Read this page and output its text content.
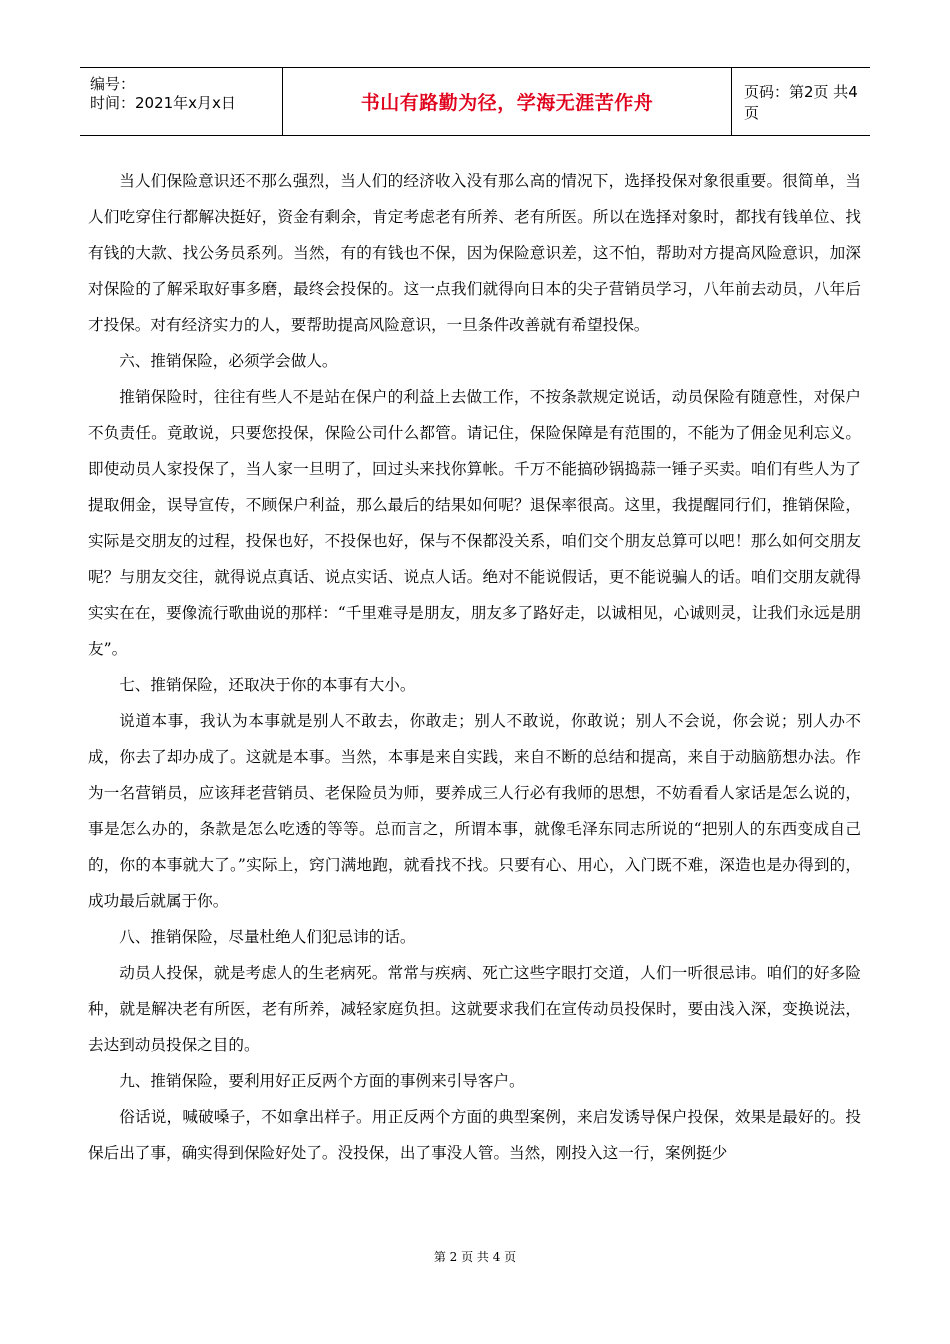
编号：
时间：2021年x月x日	书山有路勤为径，学海无涯苦作舟
页码：第2页 共4页

当人们保险意识还不那么强烈，当人们的经济收入没有那么高的情况下，选择投保对象很重要。很简单，当人们吃穿住行都解决挺好，资金有剩余，肯定考虑老有所养、老有所医。所以在选择对象时，都找有钱单位、找有钱的大款、找公务员系列。当然，有的有钱也不保，因为保险意识差，这不怕，帮助对方提高风险意识，加深对保险的了解采取好事多磨，最终会投保的。这一点我们就得向日本的尖子营销员学习，八年前去动员，八年后才投保。对有经济实力的人，要帮助提高风险意识，一旦条件改善就有希望投保。

六、推销保险，必须学会做人。

推销保险时，往往有些人不是站在保户的利益上去做工作，不按条款规定说话，动员保险有随意性，对保户不负责任。竟敢说，只要您投保，保险公司什么都管。请记住，保险保障是有范围的，不能为了佣金见利忘义。即使动员人家投保了，当人家一旦明了，回过头来找你算帐。千万不能搞砂锅捣蒜一锤子买卖。咱们有些人为了提取佣金，误导宣传，不顾保户利益，那么最后的结果如何呢？退保率很高。这里，我提醒同行们，推销保险，实际是交朋友的过程，投保也好，不投保也好，保与不保都没关系，咱们交个朋友总算可以吧！那么如何交朋友呢？与朋友交往，就得说点真话、说点实话、说点人话。绝对不能说假话，更不能说骗人的话。咱们交朋友就得实实在在，要像流行歌曲说的那样：“千里难寻是朋友，朋友多了路好走，以诚相见，心诚则灵，让我们永远是朋友”。

七、推销保险，还取决于你的本事有大小。

说道本事，我认为本事就是别人不敢去，你敢走；别人不敢说，你敢说；别人不会说，你会说；别人办不成，你去了却办成了。这就是本事。当然，本事是来自实践，来自不断的总结和提高，来自于动脑筋想办法。作为一名营销员，应该拜老营销员、老保险员为师，要养成三人行必有我师的思想，不妨看看人家话是怎么说的，事是怎么办的，条款是怎么吃透的等等。总而言之，所谓本事，就像毛泽东同志所说的“把别人的东西变成自己的，你的本事就大了。”实际上，窍门满地跑，就看找不找。只要有心、用心，入门既不难，深造也是办得到的，成功最后就属于你。

八、推销保险，尽量杜绝人们犯忌讳的话。

动员人投保，就是考虑人的生老病死。常常与疾病、死亡这些字眼打交道，人们一听很忌讳。咱们的好多险种，就是解决老有所医，老有所养，减轻家庭负担。这就要求我们在宣传动员投保时，要由浅入深，变换说法，去达到动员投保之目的。

九、推销保险，要利用好正反两个方面的事例来引导客户。

俗话说，喊破嗓子，不如拿出样子。用正反两个方面的典型案例，来启发诱导保户投保，效果是最好的。投保后出了事，确实得到保险好处了。没投保，出了事没人管。当然，刚投入这一行，案例挺少

第 2 页 共 4 页
